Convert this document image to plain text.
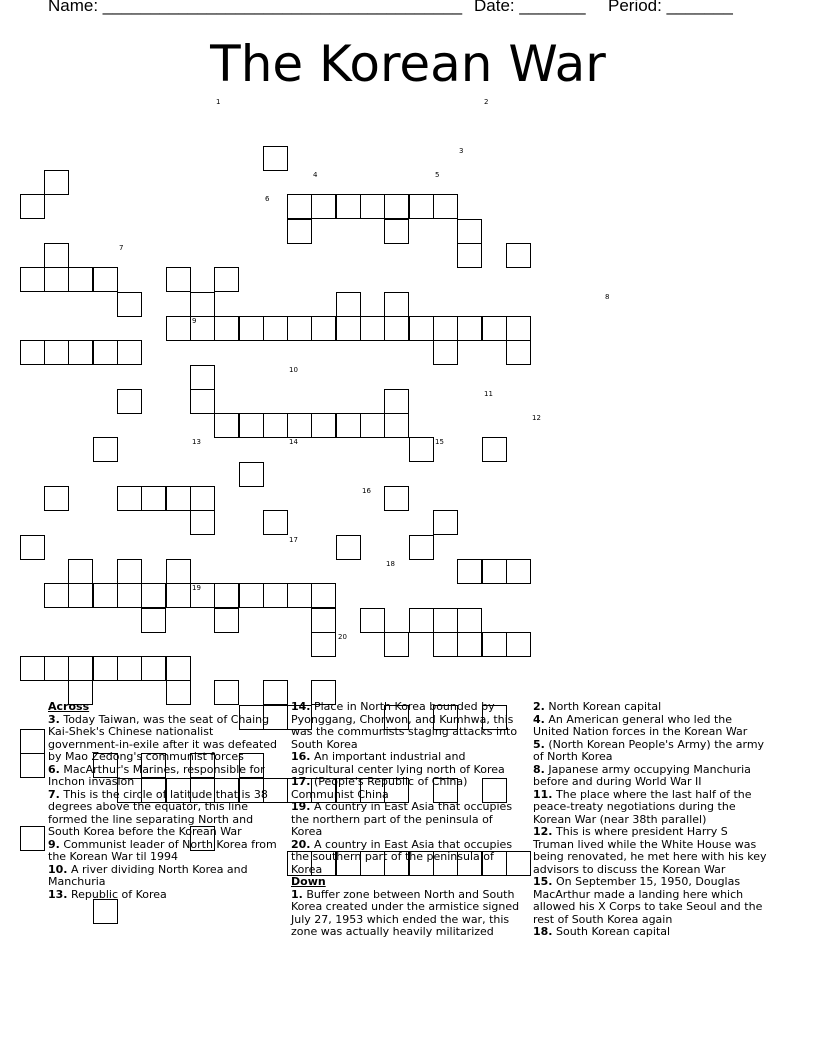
Name: ______________________________________ Date: _______ Period: _______
The Korean War
1	2
3
4	5
6
7
8
9
10
11
12
13	14	15
16
17
18
19
20
Across
3. Today Taiwan, was the seat of Chaing Kai-Shek's Chinese nationalist government-in-exile after it was defeated by Mao Zedong's communist forces
6. MacArthur's Marines, responsible for Inchon invasion
7. This is the circle of latitude that is 38 degrees above the equator, this line formed the line separating North and South Korea before the Korean War
9. Communist leader of North Korea from the Korean War til 1994
10. A river dividing North Korea and Manchuria
13. Republic of Korea
14. Place in North Korea bounded by Pyonggang, Chorwon, and Kumhwa, this was the communists staging attacks into South Korea
16. An important industrial and agricultural center lying north of Korea
17. (People's Republic of China) Communist China
19. A country in East Asia that occupies the northern part of the peninsula of Korea
20. A country in East Asia that occupies the southern part of the peninsula of Korea
Down
1. Buffer zone between North and South Korea created under the armistice signed July 27, 1953 which ended the war, this zone was actually heavily militarized
2. North Korean capital
4. An American general who led the United Nation forces in the Korean War
5. (North Korean People's Army) the army of North Korea
8. Japanese army occupying Manchuria before and during World War II
11. The place where the last half of the peace-treaty negotiations during the Korean War (near 38th parallel)
12. This is where president Harry S Truman lived while the White House was being renovated, he met here with his key advisors to discuss the Korean War
15. On September 15, 1950, Douglas MacArthur made a landing here which allowed his X Corps to take Seoul and the rest of South Korea again
18. South Korean capital
